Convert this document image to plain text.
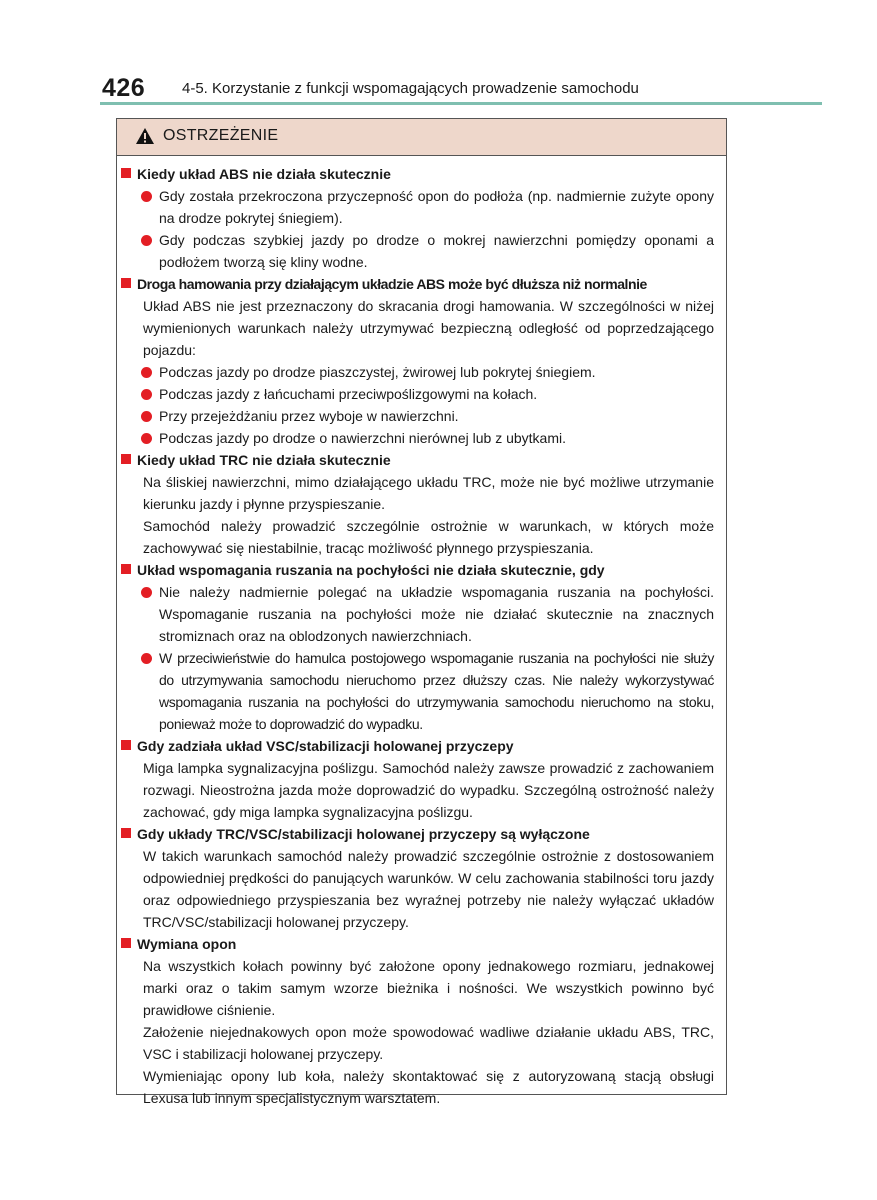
426 4-5. Korzystanie z funkcji wspomagających prowadzenie samochodu
OSTRZEŻENIE
Kiedy układ ABS nie działa skutecznie
Gdy została przekroczona przyczepność opon do podłoża (np. nadmiernie zużyte opony na drodze pokrytej śniegiem).
Gdy podczas szybkiej jazdy po drodze o mokrej nawierzchni pomiędzy oponami a podłożem tworzą się kliny wodne.
Droga hamowania przy działającym układzie ABS może być dłuższa niż normalnie
Układ ABS nie jest przeznaczony do skracania drogi hamowania. W szczególności w niżej wymienionych warunkach należy utrzymywać bezpieczną odległość od poprzedzającego pojazdu:
Podczas jazdy po drodze piaszczystej, żwirowej lub pokrytej śniegiem.
Podczas jazdy z łańcuchami przeciwpoślizgowymi na kołach.
Przy przejeżdżaniu przez wyboje w nawierzchni.
Podczas jazdy po drodze o nawierzchni nierównej lub z ubytkami.
Kiedy układ TRC nie działa skutecznie
Na śliskiej nawierzchni, mimo działającego układu TRC, może nie być możliwe utrzymanie kierunku jazdy i płynne przyspieszanie.
Samochód należy prowadzić szczególnie ostrożnie w warunkach, w których może zachowywać się niestabilnie, tracąc możliwość płynnego przyspieszania.
Układ wspomagania ruszania na pochyłości nie działa skutecznie, gdy
Nie należy nadmiernie polegać na układzie wspomagania ruszania na pochyłości. Wspomaganie ruszania na pochyłości może nie działać skutecznie na znacznych stromiznach oraz na oblodzonych nawierzchniach.
W przeciwieństwie do hamulca postojowego wspomaganie ruszania na pochyłości nie służy do utrzymywania samochodu nieruchomo przez dłuższy czas. Nie należy wykorzystywać wspomagania ruszania na pochyłości do utrzymywania samochodu nieruchomo na stoku, ponieważ może to doprowadzić do wypadku.
Gdy zadziała układ VSC/stabilizacji holowanej przyczepy
Miga lampka sygnalizacyjna poślizgu. Samochód należy zawsze prowadzić z zachowaniem rozwagi. Nieostrożna jazda może doprowadzić do wypadku. Szczególną ostrożność należy zachować, gdy miga lampka sygnalizacyjna poślizgu.
Gdy układy TRC/VSC/stabilizacji holowanej przyczepy są wyłączone
W takich warunkach samochód należy prowadzić szczególnie ostrożnie z dostosowaniem odpowiedniej prędkości do panujących warunków. W celu zachowania stabilności toru jazdy oraz odpowiedniego przyspieszania bez wyraźnej potrzeby nie należy wyłączać układów TRC/VSC/stabilizacji holowanej przyczepy.
Wymiana opon
Na wszystkich kołach powinny być założone opony jednakowego rozmiaru, jednakowej marki oraz o takim samym wzorze bieżnika i nośności. We wszystkich powinno być prawidłowe ciśnienie.
Założenie niejednakowych opon może spowodować wadliwe działanie układu ABS, TRC, VSC i stabilizacji holowanej przyczepy.
Wymieniając opony lub koła, należy skontaktować się z autoryzowaną stacją obsługi Lexusa lub innym specjalistycznym warsztatem.
